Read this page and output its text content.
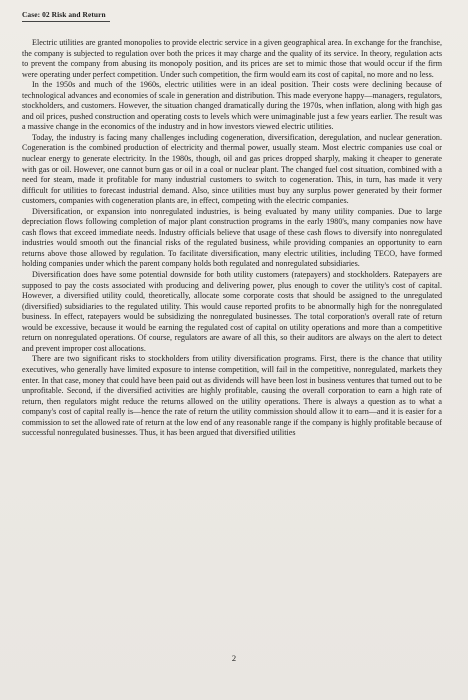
Case: 02 Risk and Return

Electric utilities are granted monopolies to provide electric service in a given geographical area. In exchange for the franchise, the company is subjected to regulation over both the prices it may charge and the quality of its service. In theory, regulation acts to prevent the company from abusing its monopoly position, and its prices are set to mimic those that would occur if the firm were operating under perfect competition. Under such competition, the firm would earn its cost of capital, no more and no less.

In the 1950s and much of the 1960s, electric utilities were in an ideal position. Their costs were declining because of technological advances and economies of scale in generation and distribution. This made everyone happy—managers, regulators, stockholders, and customers. However, the situation changed dramatically during the 1970s, when inflation, along with high gas and oil prices, pushed construction and operating costs to levels which were unimaginable just a few years earlier. The result was a massive change in the economics of the industry and in how investors viewed electric utilities.

Today, the industry is facing many challenges including cogeneration, diversification, deregulation, and nuclear generation. Cogeneration is the combined production of electricity and thermal power, usually steam. Most electric companies use coal or nuclear energy to generate electricity. In the 1980s, though, oil and gas prices dropped sharply, making it cheaper to generate with gas or oil. However, one cannot burn gas or oil in a coal or nuclear plant. The changed fuel cost situation, combined with a need for steam, made it profitable for many industrial customers to switch to cogeneration. This, in turn, has made it very difficult for utilities to forecast industrial demand. Also, since utilities must buy any surplus power generated by their former customers, companies with cogeneration plants are, in effect, competing with the electric companies.

Diversification, or expansion into nonregulated industries, is being evaluated by many utility companies. Due to large depreciation flows following completion of major plant construction programs in the early 1980's, many companies now have cash flows that exceed immediate needs. Industry officials believe that usage of these cash flows to diversify into nonregulated industries would smooth out the financial risks of the regulated business, while providing companies an opportunity to earn returns above those allowed by regulation. To facilitate diversification, many electric utilities, including TECO, have formed holding companies under which the parent company holds both regulated and nonregulated subsidiaries.

Diversification does have some potential downside for both utility customers (ratepayers) and stockholders. Ratepayers are supposed to pay the costs associated with producing and delivering power, plus enough to cover the utility's cost of capital. However, a diversified utility could, theoretically, allocate some corporate costs that should be assigned to the unregulated (diversified) subsidiaries to the regulated utility. This would cause reported profits to be abnormally high for the nonregulated business. In effect, ratepayers would be subsidizing the nonregulated businesses. The total corporation's overall rate of return would be excessive, because it would be earning the regulated cost of capital on utility operations and more than a competitive return on nonregulated operations. Of course, regulators are aware of all this, so their auditors are always on the alert to detect and prevent improper cost allocations.

There are two significant risks to stockholders from utility diversification programs. First, there is the chance that utility executives, who generally have limited exposure to intense competition, will fail in the competitive, nonregulated, markets they enter. In that case, money that could have been paid out as dividends will have been lost in business ventures that turned out to be unprofitable. Second, if the diversified activities are highly profitable, causing the overall corporation to earn a high rate of return, then regulators might reduce the returns allowed on the utility operations. There is always a question as to what a company's cost of capital really is—hence the rate of return the utility commission should allow it to earn—and it is easier for a commission to set the allowed rate of return at the low end of any reasonable range if the company is highly profitable because of successful nonregulated businesses. Thus, it has been argued that diversified utilities

2
